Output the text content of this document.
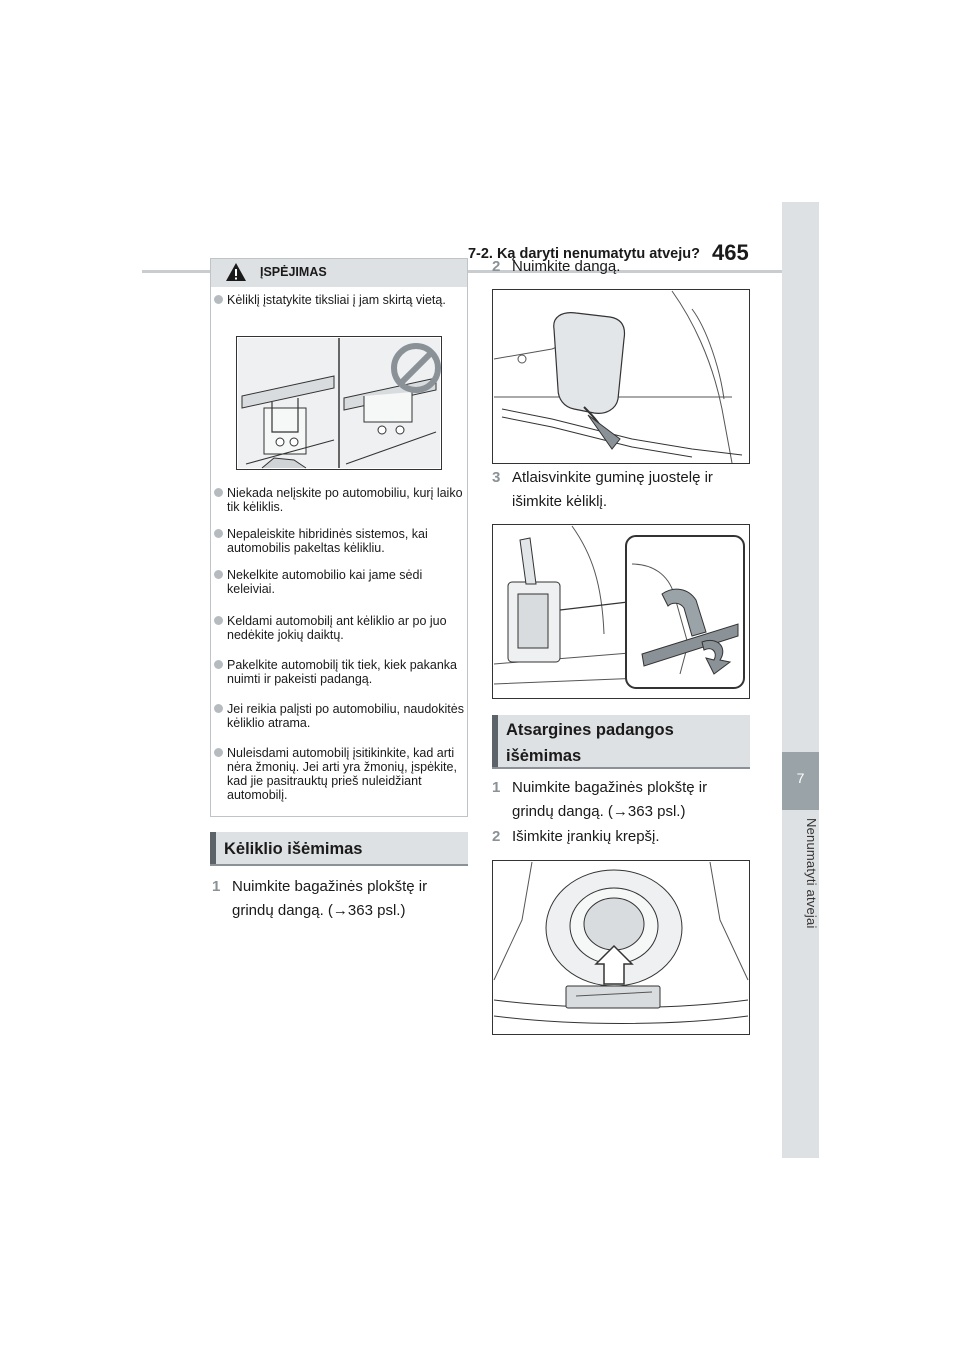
7-2. Ką daryti nenumatytu atveju? 465
7
Nenumatyti atvejai
ĮSPĖJIMAS
Kėliklį įstatykite tiksliai į jam skirtą vietą.
Niekada nelįskite po automobiliu, kurį laiko tik kėliklis.
Nepaleiskite hibridinės sistemos, kai automobilis pakeltas kėlikliu.
Nekelkite automobilio kai jame sėdi keleiviai.
Keldami automobilį ant kėliklio ar po juo nedėkite jokių daiktų.
Pakelkite automobilį tik tiek, kiek pakanka nuimti ir pakeisti padangą.
Jei reikia palįsti po automobiliu, naudokitės kėliklio atrama.
Nuleisdami automobilį įsitikinkite, kad arti nėra žmonių. Jei arti yra žmonių, įspėkite, kad jie pasitrauktų prieš nuleidžiant automobilį.
Kėliklio išėmimas
1 Nuimkite bagažinės plokštę ir grindų dangą. (→363 psl.)
2 Nuimkite dangą.
3 Atlaisvinkite guminę juostelę ir išimkite kėliklį.
Atsargines padangos išėmimas
1 Nuimkite bagažinės plokštę ir grindų dangą. (→363 psl.)
2 Išimkite įrankių krepšį.
